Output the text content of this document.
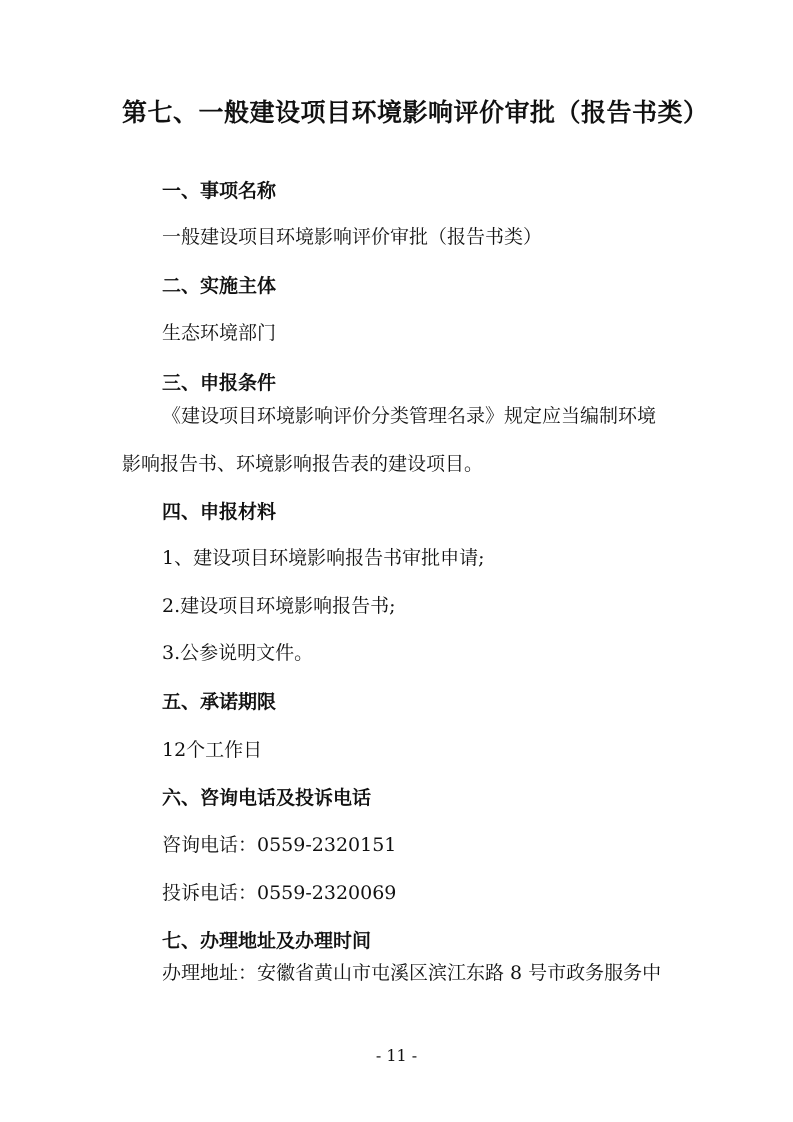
第七、一般建设项目环境影响评价审批（报告书类）
一、事项名称

一般建设项目环境影响评价审批（报告书类）

二、实施主体

生态环境部门

三、申报条件

《建设项目环境影响评价分类管理名录》规定应当编制环境

影响报告书、环境影响报告表的建设项目。

四、申报材料

1、建设项目环境影响报告书审批申请;

2.建设项目环境影响报告书;

3.公参说明文件。

五、承诺期限

12个工作日

六、咨询电话及投诉电话

咨询电话：0559-2320151

投诉电话：0559-2320069

七、办理地址及办理时间

办理地址：安徽省黄山市屯溪区滨江东路 8 号市政务服务中

- 11 -
